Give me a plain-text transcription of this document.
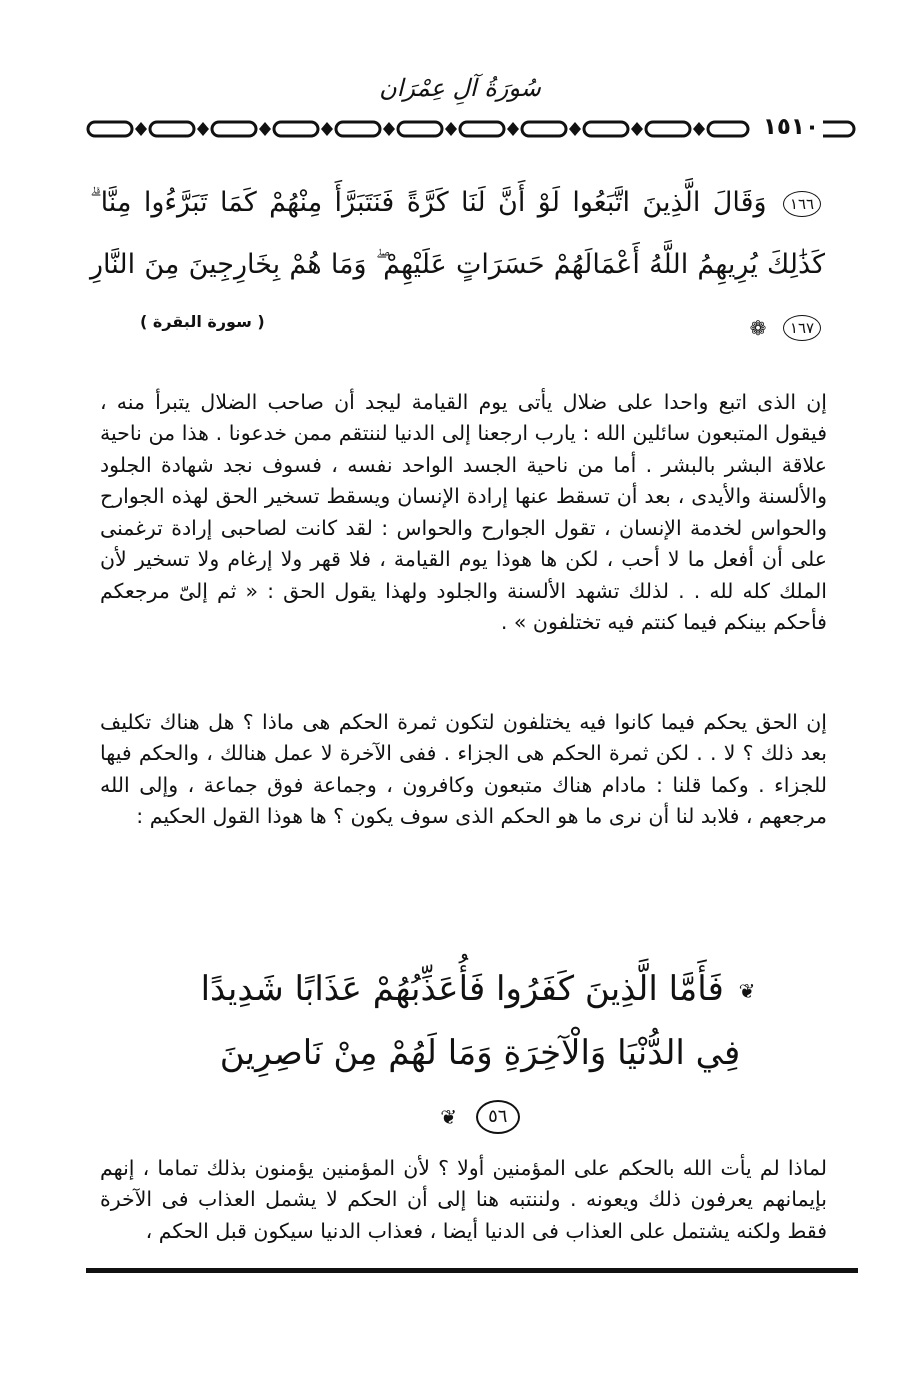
سُورَةُ آلِ عِمْرَان
١٥١٠
١٦٦ وَقَالَ الَّذِينَ اتَّبَعُوا لَوْ أَنَّ لَنَا كَرَّةً فَنَتَبَرَّأَ مِنْهُمْ كَمَا تَبَرَّءُوا مِنَّا ۗ كَذَٰلِكَ يُرِيهِمُ اللَّهُ أَعْمَالَهُمْ حَسَرَاتٍ عَلَيْهِمْ ۖ وَمَا هُمْ بِخَارِجِينَ مِنَ النَّارِ ١٦٧ ❁
( سورة البقرة )

إن الذى اتبع واحدا على ضلال يأتى يوم القيامة ليجد أن صاحب الضلال يتبرأ منه ، فيقول المتبعون سائلين الله : يارب ارجعنا إلى الدنيا لننتقم ممن خدعونا . هذا من ناحية علاقة البشر بالبشر . أما من ناحية الجسد الواحد نفسه ، فسوف نجد شهادة الجلود والألسنة والأيدى ، بعد أن تسقط عنها إرادة الإنسان ويسقط تسخير الحق لهذه الجوارح والحواس لخدمة الإنسان ، تقول الجوارح والحواس : لقد كانت لصاحبى إرادة ترغمنى على أن أفعل ما لا أحب ، لكن ها هوذا يوم القيامة ، فلا قهر ولا إرغام ولا تسخير لأن الملك كله لله . . لذلك تشهد الألسنة والجلود ولهذا يقول الحق : « ثم إلىّ مرجعكم فأحكم بينكم فيما كنتم فيه تختلفون » .

إن الحق يحكم فيما كانوا فيه يختلفون لتكون ثمرة الحكم هى ماذا ؟ هل هناك تكليف بعد ذلك ؟ لا . . لكن ثمرة الحكم هى الجزاء . ففى الآخرة لا عمل هنالك ، والحكم فيها للجزاء . وكما قلنا : مادام هناك متبعون وكافرون ، وجماعة فوق جماعة ، وإلى الله مرجعهم ، فلابد لنا أن نرى ما هو الحكم الذى سوف يكون ؟ ها هوذا القول الحكيم :

❦ فَأَمَّا الَّذِينَ كَفَرُوا فَأُعَذِّبُهُمْ عَذَابًا شَدِيدًا فِي الدُّنْيَا وَالْآخِرَةِ وَمَا لَهُمْ مِنْ نَاصِرِينَ ٥٦ ❦

لماذا لم يأت الله بالحكم على المؤمنين أولا ؟ لأن المؤمنين يؤمنون بذلك تماما ، إنهم بإيمانهم يعرفون ذلك ويعونه . ولننتبه هنا إلى أن الحكم لا يشمل العذاب فى الآخرة فقط ولكنه يشتمل على العذاب فى الدنيا أيضا ، فعذاب الدنيا سيكون قبل الحكم ،
